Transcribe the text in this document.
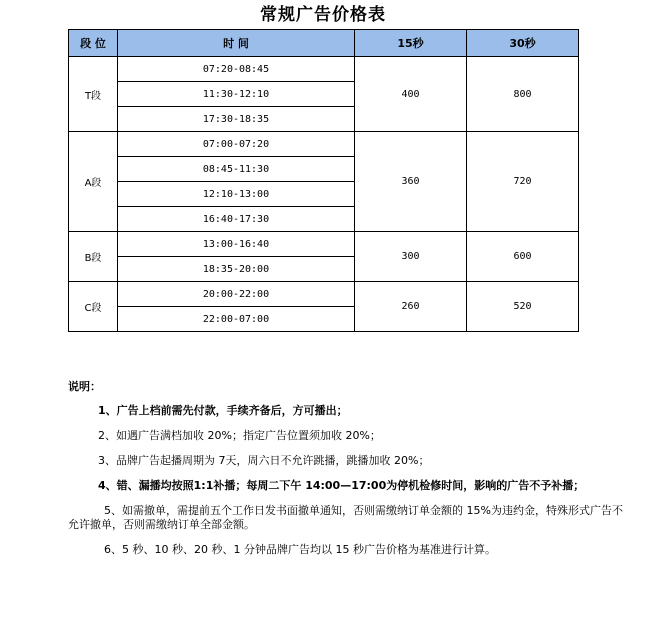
常规广告价格表
段 位	时 间	15秒	30秒
T段	07:20-08:45	400	800
	11:30-12:10		
	17:30-18:35		
A段	07:00-07:20	360	720
	08:45-11:30		
	12:10-13:00		
	16:40-17:30		
B段	13:00-16:40	300	600
	18:35-20:00		
C段	20:00-22:00	260	520
	22:00-07:00		

说明：

1、广告上档前需先付款，手续齐备后，方可播出；

2、如遇广告满档加收 20%；指定广告位置须加收 20%；

3、品牌广告起播周期为 7天，周六日不允许跳播，跳播加收 20%；

4、错、漏播均按照1:1补播；每周二下午 14:00—17:00为停机检修时间，影响的广告不予补播；

5、如需撤单，需提前五个工作日发书面撤单通知，否则需缴纳订单金额的 15%为违约金，特殊形式广告不允许撤单，否则需缴纳订单全部金额。

6、5 秒、10 秒、20 秒、1 分钟品牌广告均以 15 秒广告价格为基准进行计算。
